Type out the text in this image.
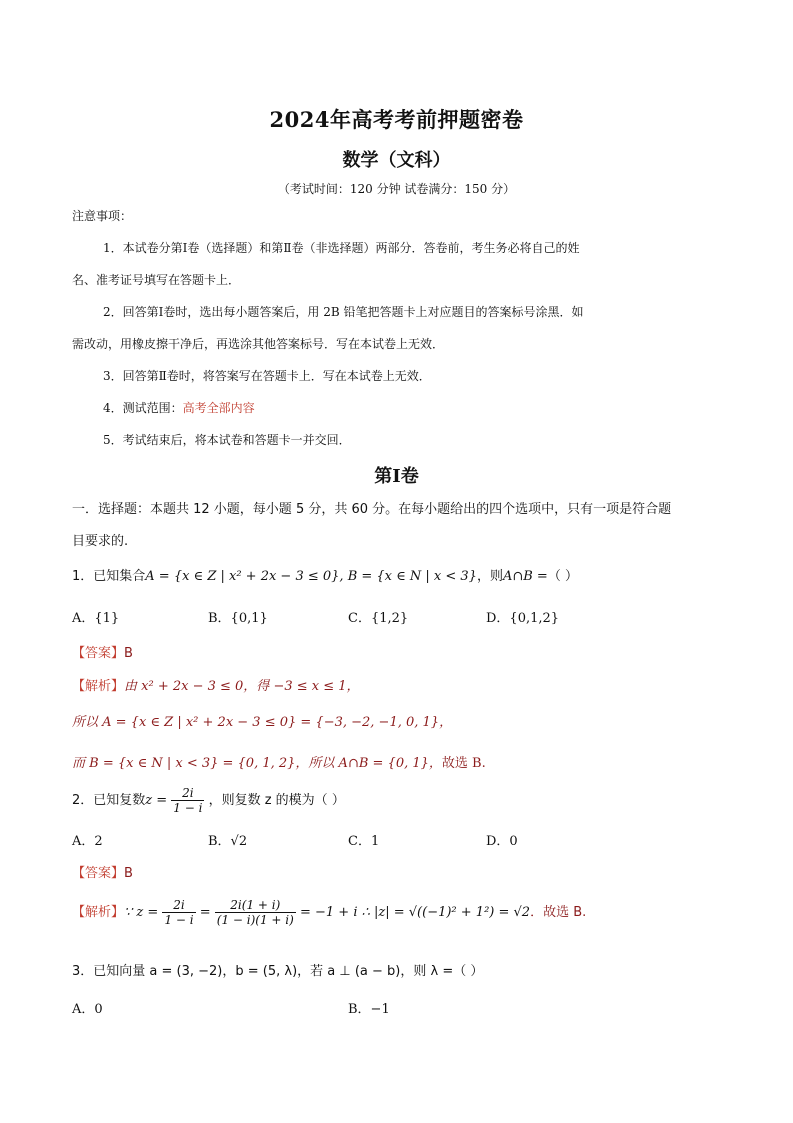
2024年高考考前押题密卷
数学（文科）
（考试时间：120 分钟 试卷满分：150 分）
注意事项：
1．本试卷分第Ⅰ卷（选择题）和第Ⅱ卷（非选择题）两部分．答卷前，考生务必将自己的姓
名、准考证号填写在答题卡上．
2．回答第Ⅰ卷时，选出每小题答案后，用 2B 铅笔把答题卡上对应题目的答案标号涂黑．如
需改动，用橡皮擦干净后，再选涂其他答案标号．写在本试卷上无效．
3．回答第Ⅱ卷时，将答案写在答题卡上．写在本试卷上无效．
4．测试范围：高考全部内容
5．考试结束后，将本试卷和答题卡一并交回．
第Ⅰ卷
一．选择题：本题共 12 小题，每小题 5 分，共 60 分。在每小题给出的四个选项中，只有一项是符合题
目要求的.
1．已知集合A = {x ∈ Z | x² + 2x − 3 ≤ 0}, B = {x ∈ N | x < 3}，则A∩B =（ ）
A．{1}	B．{0,1}	C．{1,2}	D．{0,1,2}
【答案】B
【解析】由 x² + 2x − 3 ≤ 0，得 −3 ≤ x ≤ 1，
所以 A = {x ∈ Z | x² + 2x − 3 ≤ 0} = {−3, −2, −1, 0, 1}，
而 B = {x ∈ N | x < 3} = {0, 1, 2}，所以 A∩B = {0, 1}，故选 B.
2．已知复数$z = \frac{2i}{1 - i}$ ，则复数 z 的模为（ ）
A．2	B．√2	C．1	D．0
【答案】B
【解析】∵ $z = \frac{2i}{1 - i} = \frac{2i(1 + i)}{(1 - i)(1 + i)} = -1 + i$ ∴ |z| = √((−1)² + 1²) = √2．故选 B.
3．已知向量 a = (3, −2)，b = (5, λ)，若 a ⊥ (a − b)，则 λ =（ ）
A．0	B．−1
